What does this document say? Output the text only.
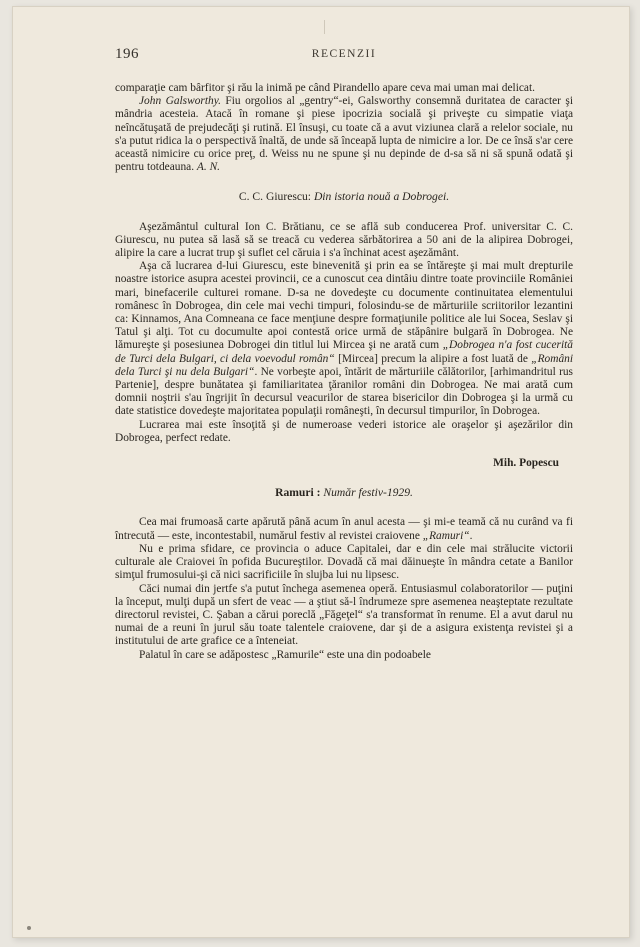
196	RECENZII

comparaţie cam bârfitor şi rău la inimă pe când Pirandello apare ceva mai uman mai delicat.

John Galsworthy. Fiu orgolios al „gentry“-ei, Galsworthy consemnă duritatea de caracter şi mândria acesteia. Atacă în romane şi piese ipocrizia socială şi priveşte cu simpatie viaţa neîncătuşată de prejudecăţi şi rutină. El însuşi, cu toate că a avut viziunea clară a relelor sociale, nu s'a putut ridica la o perspectivă înaltă, de unde să înceapă lupta de nimicire a lor. De ce însă s'ar cere această nimicire cu orice preţ, d. Weiss nu ne spune şi nu depinde de d-sa să ni să spună odată şi pentru totdeauna. A. N.

C. C. Giurescu: Din istoria nouă a Dobrogei.

Aşezământul cultural Ion C. Brătianu, ce se află sub conducerea Prof. universitar C. C. Giurescu, nu putea să lasă să se treacă cu vederea sărbătorirea a 50 ani de la alipirea Dobrogei, alipire la care a lucrat trup şi suflet cel căruia i s'a închinat acest aşezământ.

Aşa că lucrarea d-lui Giurescu, este binevenită şi prin ea se întăreşte şi mai mult drepturile noastre istorice asupra acestei provincii, ce a cunoscut cea dintâiu dintre toate provinciile României mari, binefacerile culturei romane. D-sa ne dovedeşte cu documente continuitatea elementului românesc în Dobrogea, din cele mai vechi timpuri, folosindu-se de mărturiile scriitorilor lezantini ca: Kinnamos, Ana Comneana ce face menţiune despre formaţiunile politice ale lui Socea, Seslav şi Tatul şi alţi. Tot cu documulte apoi contestă orice urmă de stăpânire bulgară în Dobrogea. Ne lămureşte şi posesiunea Dobrogei din titlul lui Mircea şi ne arată cum „Dobrogea n'a fost cucerită de Turci dela Bulgari, ci dela voevodul român“ [Mircea] precum la alipire a fost luată de „Români dela Turci şi nu dela Bulgari“. Ne vorbeşte apoi, întărit de mărturiile călătorilor, [arhimandritul rus Partenie], despre bunătatea şi familiaritatea ţăranilor români din Dobrogea. Ne mai arată cum domnii noştrii s'au îngrijit în decursul veacurilor de starea bisericilor din Dobrogea şi la urmă cu date statistice dovedeşte majoritatea populaţii româneşti, în decursul timpurilor, în Dobrogea.

Lucrarea mai este însoţită şi de numeroase vederi istorice ale oraşelor şi aşezărilor din Dobrogea, perfect redate.

Mih. Popescu
Ramuri : Număr festiv-1929.

Cea mai frumoasă carte apărută până acum în anul acesta — şi mi-e teamă că nu curând va fi întrecută — este, incontestabil, numărul festiv al revistei craiovene „Ramuri“.

Nu e prima sfidare, ce provincia o aduce Capitalei, dar e din cele mai strălucite victorii culturale ale Craiovei în pofida Bucureştilor. Dovadă că mai dăinueşte în mândra cetate a Banilor simţul frumosului-şi că nici sacrificiile în slujba lui nu lipsesc.

Căci numai din jertfe s'a putut închega asemenea operă. Entusiasmul colaboratorilor — puţini la început, mulţi după un sfert de veac — a ştiut să-l îndrumeze spre asemenea neaşteptate rezultate directorul revistei, C. Şaban a cărui poreclă „Făgeţel“ s'a transformat în renume. El a avut darul nu numai de a reuni în jurul său toate talentele craiovene, dar şi de a asigura existenţa revistei şi a institutului de arte grafice ce a înteneiat.

Palatul în care se adăpostesc „Ramurile“ este una din podoabele
